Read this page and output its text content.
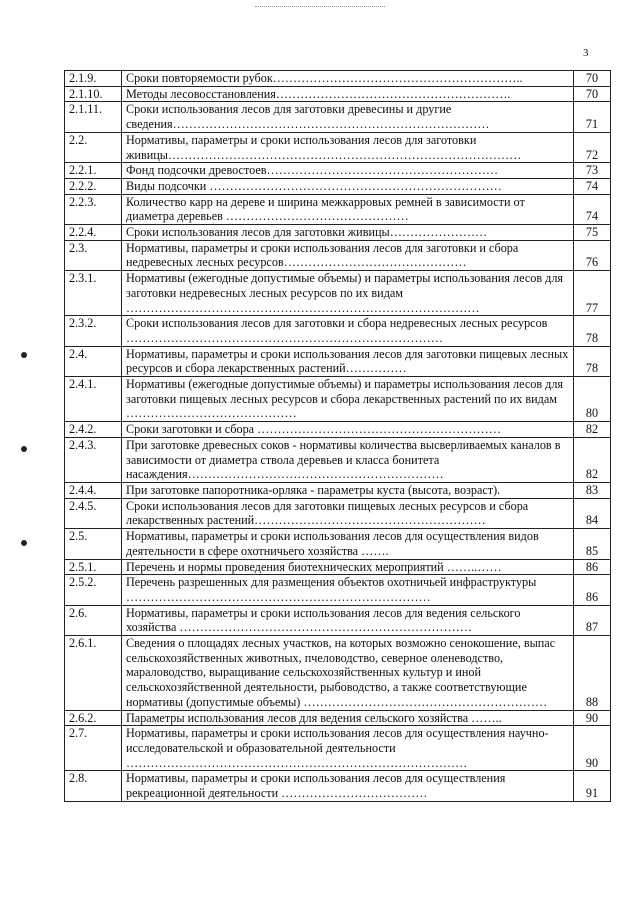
3
2.1.9.	Сроки повторяемости рубок……………………………………………………..	70
2.1.10.	Методы лесовосстановления………………………………………………….	70
2.1.11.	Сроки использования лесов для заготовки древесины и другие сведения……………………………………………………………………	71
2.2.	Нормативы, параметры и сроки использования лесов для заготовки живицы……………………………………………………………………………	72
2.2.1.	Фонд подсочки древостоев…………………………………………………	73
2.2.2.	Виды подсочки ………………………………………………………………	74
2.2.3.	Количество карр на дереве и ширина межкарровых ремней в зависимости от диаметра деревьев ………………………………………	74
2.2.4.	Сроки использования лесов для заготовки живицы……………………	75
2.3.	Нормативы, параметры и сроки использования лесов для заготовки и сбора недревесных лесных ресурсов………………………………………	76
2.3.1.	Нормативы (ежегодные допустимые объемы) и параметры использования лесов для заготовки недревесных лесных ресурсов по их видам ……………………………………………………………………………	77
2.3.2.	Сроки использования лесов для заготовки и сбора недревесных лесных ресурсов ……………………………………………………………………	78
2.4.	Нормативы, параметры и сроки использования лесов для заготовки пищевых лесных ресурсов и сбора лекарственных растений……………	78
2.4.1.	Нормативы (ежегодные допустимые объемы) и параметры использования лесов для заготовки пищевых лесных ресурсов и сбора лекарственных растений по их видам ……………………………………	80
2.4.2.	Сроки заготовки и сбора ……………………………………………………	82
2.4.3.	При заготовке древесных соков - нормативы количества высверливаемых каналов в зависимости от диаметра ствола деревьев и класса бонитета насаждения………………………………………………………	82
2.4.4.	При заготовке папоротника-орляка - параметры куста (высота, возраст).	83
2.4.5.	Сроки использования лесов для заготовки пищевых лесных ресурсов и сбора лекарственных растений…………………………………………………	84
2.5.	Нормативы, параметры и сроки использования лесов для осуществления видов деятельности в сфере охотничьего хозяйства …….	85
2.5.1.	Перечень и нормы проведения биотехнических мероприятий ……..……	86
2.5.2.	Перечень разрешенных для размещения объектов охотничьей инфраструктуры …………………………………………………………………	86
2.6.	Нормативы, параметры и сроки использования лесов для ведения сельского хозяйства ………………………………………………………………	87
2.6.1.	Сведения о площадях лесных участков, на которых возможно сенокошение, выпас сельскохозяйственных животных, пчеловодство, северное оленеводство, мараловодство, выращивание сельскохозяйственных культур и иной сельскохозяйственной деятельности, рыбоводство, а также соответствующие нормативы (допустимые объемы) ……………………………………………………	88
2.6.2.	Параметры использования лесов для ведения сельского хозяйства ……..	90
2.7.	Нормативы, параметры и сроки использования лесов для осуществления научно-исследовательской и образовательной деятельности …………………………………………………………………………	90
2.8.	Нормативы, параметры и сроки использования лесов для осуществления рекреационной деятельности ………………………………	91
